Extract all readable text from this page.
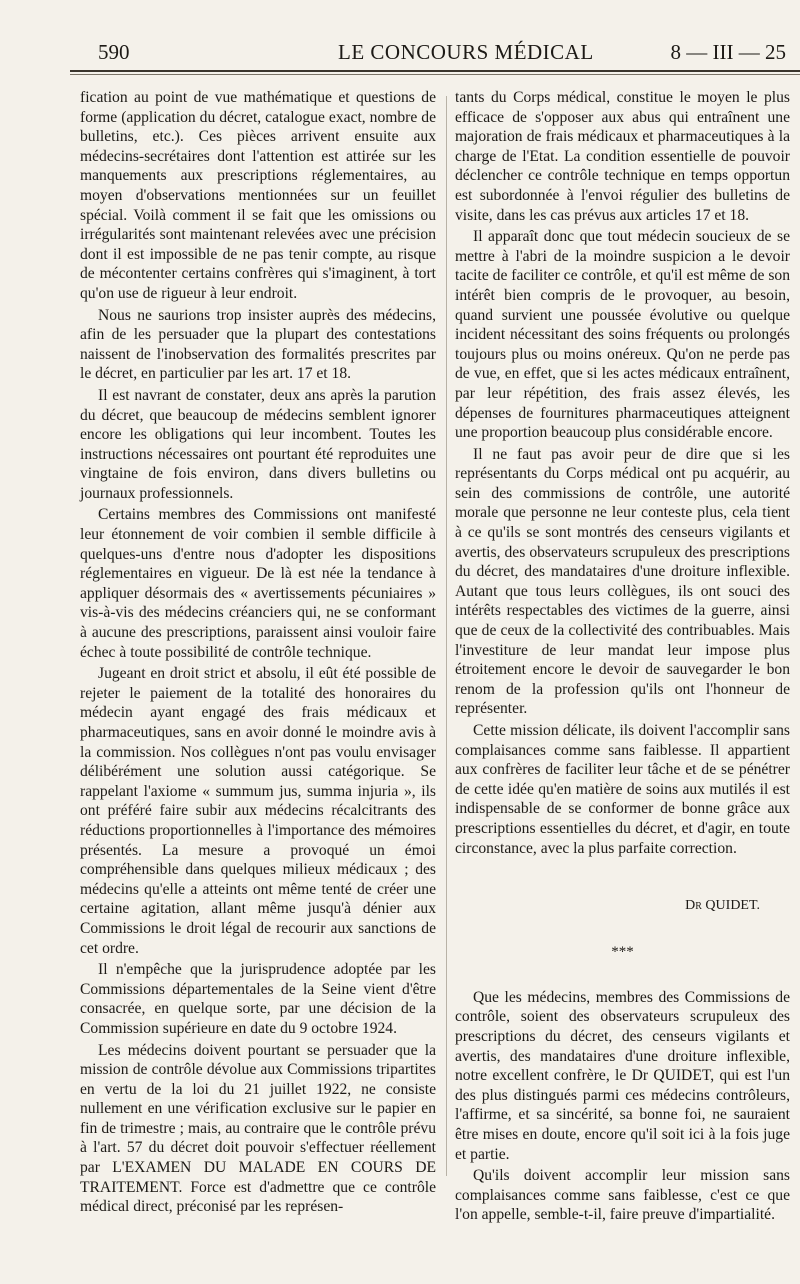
590	LE CONCOURS MÉDICAL	8 — III — 25

fication au point de vue mathématique et questions de forme (application du décret, catalogue exact, nombre de bulletins, etc.). Ces pièces arrivent ensuite aux médecins-secrétaires dont l'attention est attirée sur les manquements aux prescriptions réglementaires, au moyen d'observations mentionnées sur un feuillet spécial. Voilà comment il se fait que les omissions ou irrégularités sont maintenant relevées avec une précision dont il est impossible de ne pas tenir compte, au risque de mécontenter certains confrères qui s'imaginent, à tort qu'on use de rigueur à leur endroit.

Nous ne saurions trop insister auprès des médecins, afin de les persuader que la plupart des contestations naissent de l'inobservation des formalités prescrites par le décret, en particulier par les art. 17 et 18.

Il est navrant de constater, deux ans après la parution du décret, que beaucoup de médecins semblent ignorer encore les obligations qui leur incombent. Toutes les instructions nécessaires ont pourtant été reproduites une vingtaine de fois environ, dans divers bulletins ou journaux professionnels.

Certains membres des Commissions ont manifesté leur étonnement de voir combien il semble difficile à quelques-uns d'entre nous d'adopter les dispositions réglementaires en vigueur. De là est née la tendance à appliquer désormais des « avertissements pécuniaires » vis-à-vis des médecins créanciers qui, ne se conformant à aucune des prescriptions, paraissent ainsi vouloir faire échec à toute possibilité de contrôle technique.

Jugeant en droit strict et absolu, il eût été possible de rejeter le paiement de la totalité des honoraires du médecin ayant engagé des frais médicaux et pharmaceutiques, sans en avoir donné le moindre avis à la commission. Nos collègues n'ont pas voulu envisager délibérément une solution aussi catégorique. Se rappelant l'axiome « summum jus, summa injuria », ils ont préféré faire subir aux médecins récalcitrants des réductions proportionnelles à l'importance des mémoires présentés. La mesure a provoqué un émoi compréhensible dans quelques milieux médicaux ; des médecins qu'elle a atteints ont même tenté de créer une certaine agitation, allant même jusqu'à dénier aux Commissions le droit légal de recourir aux sanctions de cet ordre.

Il n'empêche que la jurisprudence adoptée par les Commissions départementales de la Seine vient d'être consacrée, en quelque sorte, par une décision de la Commission supérieure en date du 9 octobre 1924.

Les médecins doivent pourtant se persuader que la mission de contrôle dévolue aux Commissions tripartites en vertu de la loi du 21 juillet 1922, ne consiste nullement en une vérification exclusive sur le papier en fin de trimestre ; mais, au contraire que le contrôle prévu à l'art. 57 du décret doit pouvoir s'effectuer réellement par L'EXAMEN DU MALADE EN COURS DE TRAITEMENT. Force est d'admettre que ce contrôle médical direct, préconisé par les représen-

tants du Corps médical, constitue le moyen le plus efficace de s'opposer aux abus qui entraînent une majoration de frais médicaux et pharmaceutiques à la charge de l'Etat. La condition essentielle de pouvoir déclencher ce contrôle technique en temps opportun est subordonnée à l'envoi régulier des bulletins de visite, dans les cas prévus aux articles 17 et 18.

Il apparaît donc que tout médecin soucieux de se mettre à l'abri de la moindre suspicion a le devoir tacite de faciliter ce contrôle, et qu'il est même de son intérêt bien compris de le provoquer, au besoin, quand survient une poussée évolutive ou quelque incident nécessitant des soins fréquents ou prolongés toujours plus ou moins onéreux. Qu'on ne perde pas de vue, en effet, que si les actes médicaux entraînent, par leur répétition, des frais assez élevés, les dépenses de fournitures pharmaceutiques atteignent une proportion beaucoup plus considérable encore.

Il ne faut pas avoir peur de dire que si les représentants du Corps médical ont pu acquérir, au sein des commissions de contrôle, une autorité morale que personne ne leur conteste plus, cela tient à ce qu'ils se sont montrés des censeurs vigilants et avertis, des observateurs scrupuleux des prescriptions du décret, des mandataires d'une droiture inflexible. Autant que tous leurs collègues, ils ont souci des intérêts respectables des victimes de la guerre, ainsi que de ceux de la collectivité des contribuables. Mais l'investiture de leur mandat leur impose plus étroitement encore le devoir de sauvegarder le bon renom de la profession qu'ils ont l'honneur de représenter.

Cette mission délicate, ils doivent l'accomplir sans complaisances comme sans faiblesse. Il appartient aux confrères de faciliter leur tâche et de se pénétrer de cette idée qu'en matière de soins aux mutilés il est indispensable de se conformer de bonne grâce aux prescriptions essentielles du décret, et d'agir, en toute circonstance, avec la plus parfaite correction.

Dr QUIDET.
***

Que les médecins, membres des Commissions de contrôle, soient des observateurs scrupuleux des prescriptions du décret, des censeurs vigilants et avertis, des mandataires d'une droiture inflexible, notre excellent confrère, le Dr QUIDET, qui est l'un des plus distingués parmi ces médecins contrôleurs, l'affirme, et sa sincérité, sa bonne foi, ne sauraient être mises en doute, encore qu'il soit ici à la fois juge et partie.

Qu'ils doivent accomplir leur mission sans complaisances comme sans faiblesse, c'est ce que l'on appelle, semble-t-il, faire preuve d'impartialité.
